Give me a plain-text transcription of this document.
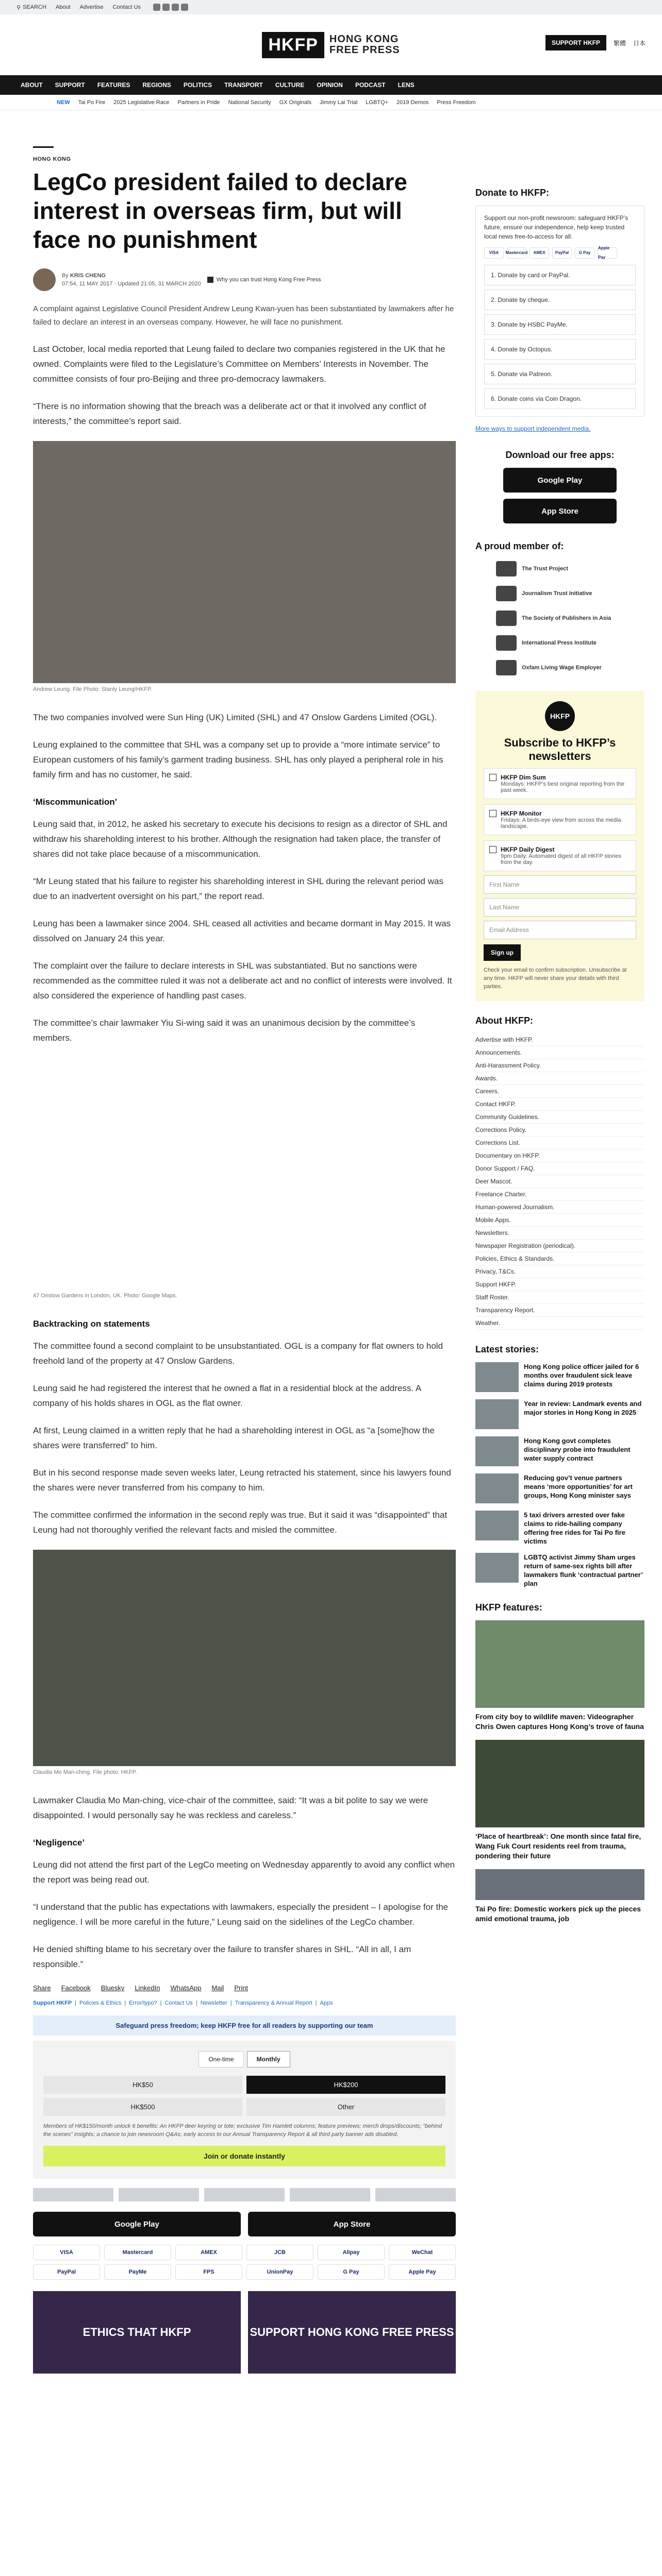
⚲ SEARCH About Advertise Contact Us
HKFP	HONG KONG
FREE PRESS
SUPPORT HKFP	繁體 日本
ABOUT SUPPORT FEATURES REGIONS POLITICS TRANSPORT CULTURE OPINION PODCAST LENS
NEW Tai Po Fire 2025 Legislative Race Partners in Pride National Security GX Originals Jimmy Lai Trial LGBTQ+ 2019 Demos Press Freedom
HONG KONG
LegCo president failed to declare interest in overseas firm, but will face no punishment
By KRIS CHENG
07:54, 11 MAY 2017 · Updated 21:05, 31 MARCH 2020
Why you can trust Hong Kong Free Press

A complaint against Legislative Council President Andrew Leung Kwan-yuen has been substantiated by lawmakers after he failed to declare an interest in an overseas company. However, he will face no punishment.

Last October, local media reported that Leung failed to declare two companies registered in the UK that he owned. Complaints were filed to the Legislature’s Committee on Members’ Interests in November. The committee consists of four pro-Beijing and three pro-democracy lawmakers.

“There is no information showing that the breach was a deliberate act or that it involved any conflict of interests,” the committee’s report said.

Andrew Leung. File Photo: Stanly Leung/HKFP.

The two companies involved were Sun Hing (UK) Limited (SHL) and 47 Onslow Gardens Limited (OGL).

Leung explained to the committee that SHL was a company set up to provide a “more intimate service” to European customers of his family’s garment trading business. SHL has only played a peripheral role in his family firm and has no customer, he said.

‘Miscommunication’

Leung said that, in 2012, he asked his secretary to execute his decisions to resign as a director of SHL and withdraw his shareholding interest to his brother. Although the resignation had taken place, the transfer of shares did not take place because of a miscommunication.

“Mr Leung stated that his failure to register his shareholding interest in SHL during the relevant period was due to an inadvertent oversight on his part,” the report read.

Leung has been a lawmaker since 2004. SHL ceased all activities and became dormant in May 2015. It was dissolved on January 24 this year.

The complaint over the failure to declare interests in SHL was substantiated. But no sanctions were recommended as the committee ruled it was not a deliberate act and no conflict of interests were involved. It also considered the experience of handling past cases.

The committee’s chair lawmaker Yiu Si-wing said it was an unanimous decision by the committee’s members.

47 Onslow Gardens in London, UK. Photo: Google Maps.

Backtracking on statements

The committee found a second complaint to be unsubstantiated. OGL is a company for flat owners to hold freehold land of the property at 47 Onslow Gardens.

Leung said he had registered the interest that he owned a flat in a residential block at the address. A company of his holds shares in OGL as the flat owner.

At first, Leung claimed in a written reply that he had a shareholding interest in OGL as “a [some]how the shares were transferred” to him.

But in his second response made seven weeks later, Leung retracted his statement, since his lawyers found the shares were never transferred from his company to him.

The committee confirmed the information in the second reply was true. But it said it was “disappointed” that Leung had not thoroughly verified the relevant facts and misled the committee.

Claudia Mo Man-ching. File photo: HKFP.

Lawmaker Claudia Mo Man-ching, vice-chair of the committee, said: “It was a bit polite to say we were disappointed. I would personally say he was reckless and careless.”

‘Negligence’

Leung did not attend the first part of the LegCo meeting on Wednesday apparently to avoid any conflict when the report was being read out.

“I understand that the public has expectations with lawmakers, especially the president – I apologise for the negligence. I will be more careful in the future,” Leung said on the sidelines of the LegCo chamber.

He denied shifting blame to his secretary over the failure to transfer shares in SHL. “All in all, I am responsible.”

Share Facebook Bluesky LinkedIn WhatsApp Mail Print
Support HKFP | Policies & Ethics | Error/typo? | Contact Us | Newsletter | Transparency & Annual Report | Apps
Safeguard press freedom; keep HKFP free for all readers by supporting our team
One-time	Monthly
HK$50	HK$200
HK$500	Other
Members of HK$150/month unlock 6 benefits: An HKFP deer keyring or tote; exclusive Tim Hamlett columns; feature previews; merch drops/discounts; “behind the scenes” insights; a chance to join newsroom Q&As; early access to our Annual Transparency Report & all third party banner ads disabled.
Join or donate instantly
Google Play	App Store
VISA	Mastercard	AMEX	JCB	Alipay	WeChat
PayPal	PayMe	FPS	UnionPay	G Pay	Apple Pay
ETHICS THAT HKFP	SUPPORT HONG KONG FREE PRESS
Donate to HKFP:
Support our non-profit newsroom: safeguard HKFP’s future, ensure our independence, help keep trusted local news free-to-access for all.
VISA	Mastercard	AMEX	PayPal	G Pay
Apple Pay
1. Donate by card or PayPal.
2. Donate by cheque.
3. Donate by HSBC PayMe.
4. Donate by Octopus.
5. Donate via Patreon.
6. Donate coins via Coin Dragon.
More ways to support independent media.
Download our free apps:
Google Play
App Store
A proud member of:
The Trust Project
Journalism Trust Initiative
The Society of Publishers in Asia
International Press Institute
Oxfam Living Wage Employer
HKFP
Subscribe to HKFP’s newsletters
HKFP Dim Sum
Mondays: HKFP’s best original reporting from the past week.
HKFP Monitor
Fridays: A birds-eye view from across the media landscape.
HKFP Daily Digest
9pm Daily: Automated digest of all HKFP stories from the day.
First Name
Last Name
Email Address
Sign up
Check your email to confirm subscription. Unsubscribe at any time. HKFP will never share your details with third parties.
About HKFP:
Advertise with HKFP.
Announcements.
Anti-Harassment Policy.
Awards.
Careers.
Contact HKFP.
Community Guidelines.
Corrections Policy.
Corrections List.
Documentary on HKFP.
Donor Support / FAQ.
Deer Mascot.
Freelance Charter.
Human-powered Journalism.
Mobile Apps.
Newsletters.
Newspaper Registration (periodical).
Policies, Ethics & Standards.
Privacy, T&Cs.
Support HKFP.
Staff Roster.
Transparency Report.
Weather.
Latest stories:
Hong Kong police officer jailed for 6 months over fraudulent sick leave claims during 2019 protests
Year in review: Landmark events and major stories in Hong Kong in 2025
Hong Kong govt completes disciplinary probe into fraudulent water supply contract
Reducing gov’t venue partners means ‘more opportunities’ for art groups, Hong Kong minister says
5 taxi drivers arrested over fake claims to ride-hailing company offering free rides for Tai Po fire victims
LGBTQ activist Jimmy Sham urges return of same-sex rights bill after lawmakers flunk ‘contractual partner’ plan
HKFP features:
From city boy to wildlife maven: Videographer Chris Owen captures Hong Kong’s trove of fauna
‘Place of heartbreak’: One month since fatal fire, Wang Fuk Court residents reel from trauma, pondering their future
Tai Po fire: Domestic workers pick up the pieces amid emotional trauma, job
